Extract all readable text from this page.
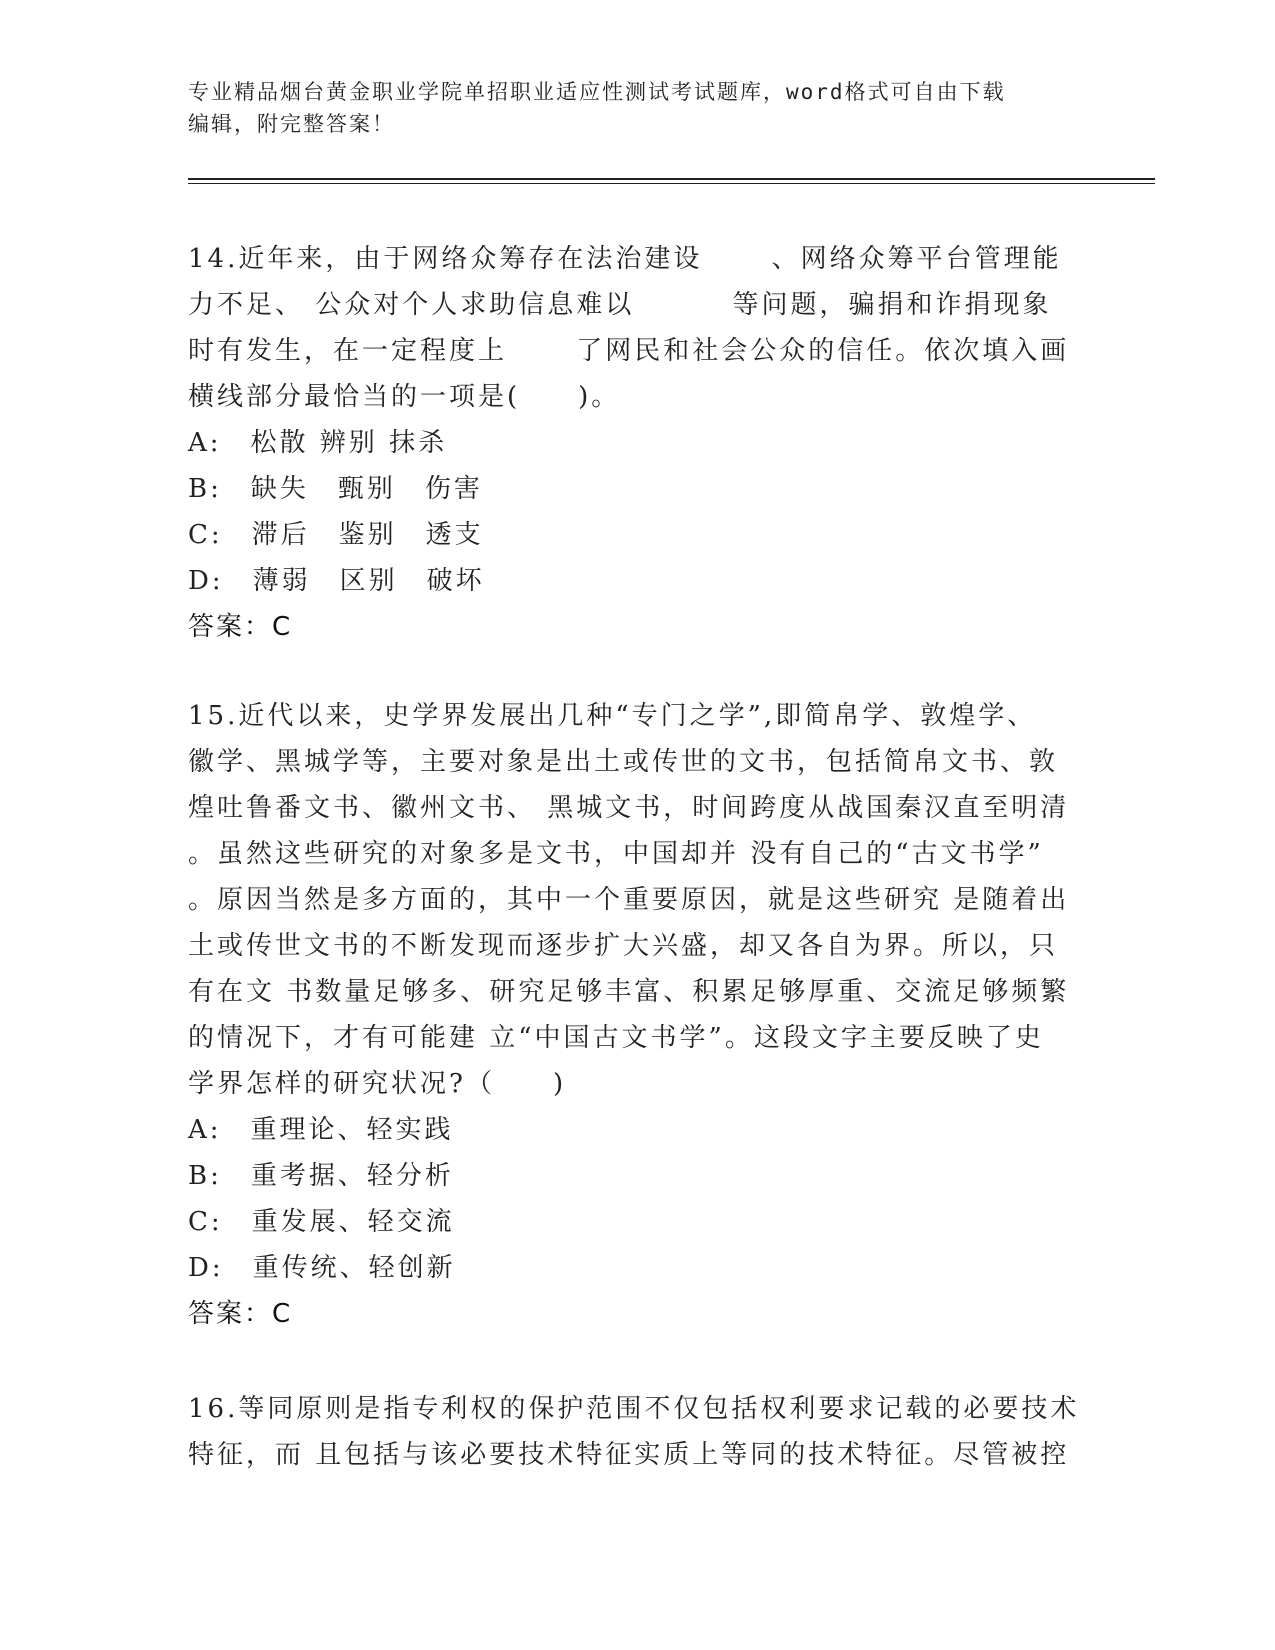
专业精品烟台黄金职业学院单招职业适应性测试考试题库，word格式可自由下载
编辑，附完整答案！
14.近年来，由于网络众筹存在法治建设 　　、网络众筹平台管理能
力不足、 公众对个人求助信息难以 　　　等问题，骗捐和诈捐现象
时有发生，在一定程度上 　　了网民和社会公众的信任。依次填入画
横线部分最恰当的一项是(　　)。
A:　松散 辨别 抹杀
B:　缺失　甄别　伤害
C:　滞后　鉴别　透支
D:　薄弱　区别　破坏
答案：C
15.近代以来，史学界发展出几种“专门之学”,即简帛学、敦煌学、
徽学、黑城学等，主要对象是出土或传世的文书，包括简帛文书、敦
煌吐鲁番文书、徽州文书、 黑城文书，时间跨度从战国秦汉直至明清
。虽然这些研究的对象多是文书，中国却并 没有自己的“古文书学”
。原因当然是多方面的，其中一个重要原因，就是这些研究 是随着出
土或传世文书的不断发现而逐步扩大兴盛，却又各自为界。所以，只
有在文 书数量足够多、研究足够丰富、积累足够厚重、交流足够频繁
的情况下，才有可能建 立“中国古文书学”。这段文字主要反映了史
学界怎样的研究状况?（　　)
A:　重理论、轻实践
B:　重考据、轻分析
C:　重发展、轻交流
D:　重传统、轻创新
答案：C
16.等同原则是指专利权的保护范围不仅包括权利要求记载的必要技术
特征，而 且包括与该必要技术特征实质上等同的技术特征。尽管被控
